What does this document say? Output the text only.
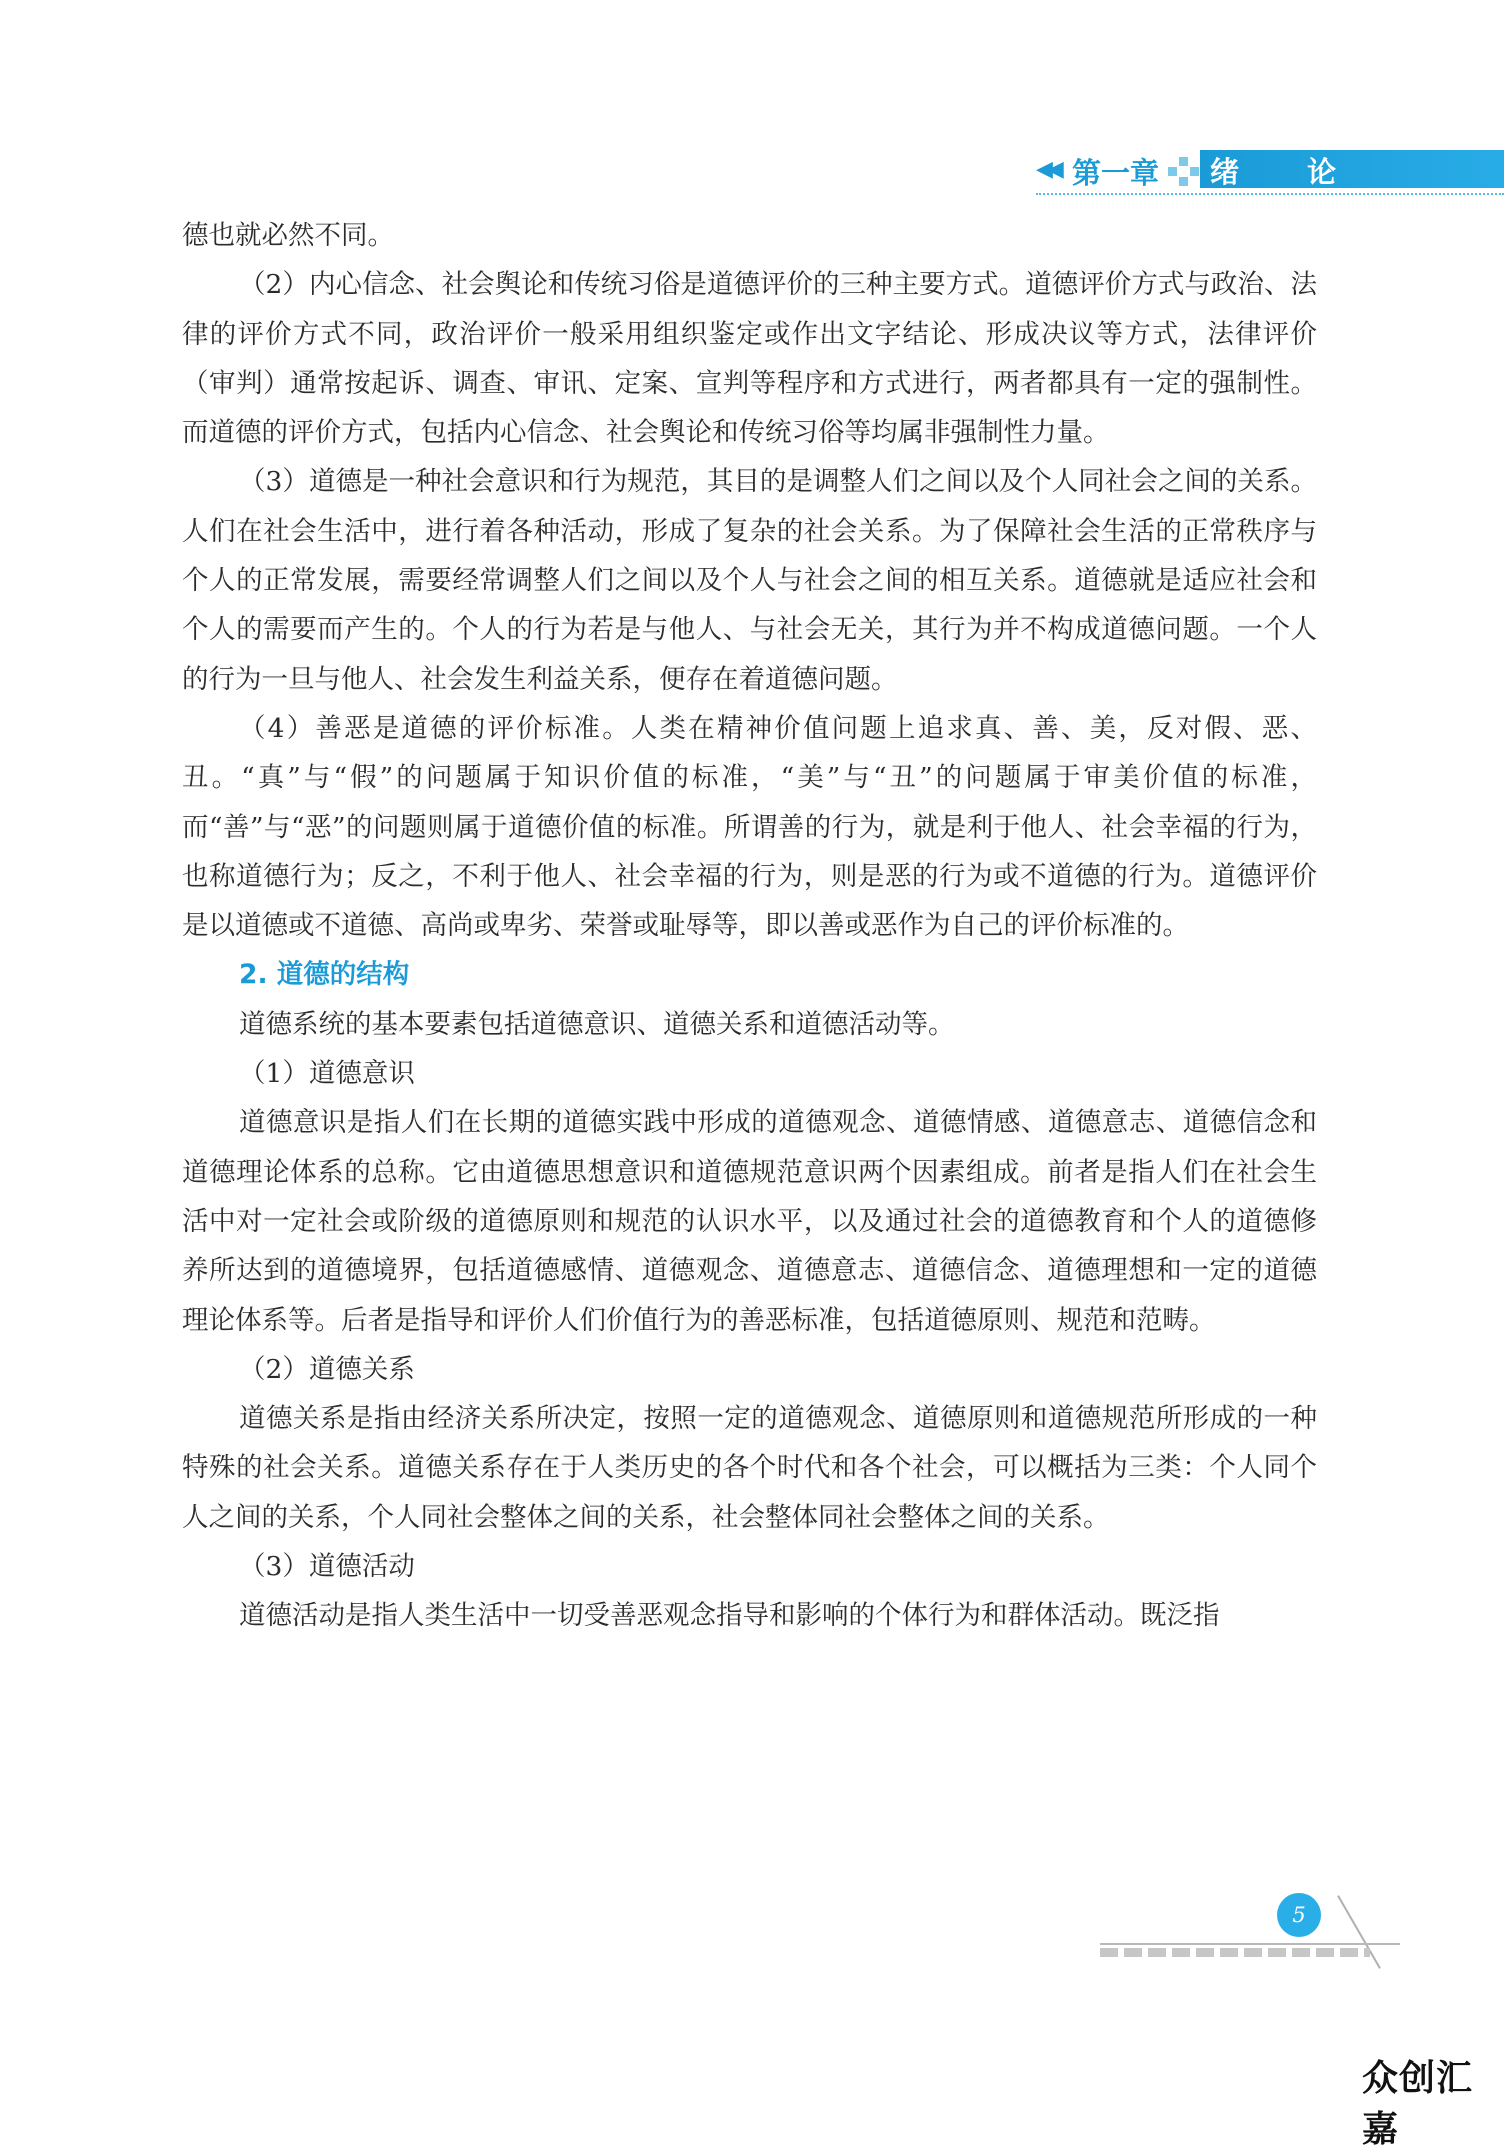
◀◀ 第一章 绪论

德也就必然不同。

（2）内心信念、社会舆论和传统习俗是道德评价的三种主要方式。道德评价方式与政治、法律的评价方式不同，政治评价一般采用组织鉴定或作出文字结论、形成决议等方式，法律评价（审判）通常按起诉、调查、审讯、定案、宣判等程序和方式进行，两者都具有一定的强制性。而道德的评价方式，包括内心信念、社会舆论和传统习俗等均属非强制性力量。

（3）道德是一种社会意识和行为规范，其目的是调整人们之间以及个人同社会之间的关系。人们在社会生活中，进行着各种活动，形成了复杂的社会关系。为了保障社会生活的正常秩序与个人的正常发展，需要经常调整人们之间以及个人与社会之间的相互关系。道德就是适应社会和个人的需要而产生的。个人的行为若是与他人、与社会无关，其行为并不构成道德问题。一个人的行为一旦与他人、社会发生利益关系，便存在着道德问题。

（4）善恶是道德的评价标准。人类在精神价值问题上追求真、善、美，反对假、恶、丑。“真”与“假”的问题属于知识价值的标准，“美”与“丑”的问题属于审美价值的标准，而“善”与“恶”的问题则属于道德价值的标准。所谓善的行为，就是利于他人、社会幸福的行为，也称道德行为；反之，不利于他人、社会幸福的行为，则是恶的行为或不道德的行为。道德评价是以道德或不道德、高尚或卑劣、荣誉或耻辱等，即以善或恶作为自己的评价标准的。

2. 道德的结构

道德系统的基本要素包括道德意识、道德关系和道德活动等。

（1）道德意识

道德意识是指人们在长期的道德实践中形成的道德观念、道德情感、道德意志、道德信念和道德理论体系的总称。它由道德思想意识和道德规范意识两个因素组成。前者是指人们在社会生活中对一定社会或阶级的道德原则和规范的认识水平，以及通过社会的道德教育和个人的道德修养所达到的道德境界，包括道德感情、道德观念、道德意志、道德信念、道德理想和一定的道德理论体系等。后者是指导和评价人们价值行为的善恶标准，包括道德原则、规范和范畴。

（2）道德关系

道德关系是指由经济关系所决定，按照一定的道德观念、道德原则和道德规范所形成的一种特殊的社会关系。道德关系存在于人类历史的各个时代和各个社会，可以概括为三类：个人同个人之间的关系，个人同社会整体之间的关系，社会整体同社会整体之间的关系。

（3）道德活动

道德活动是指人类生活中一切受善恶观念指导和影响的个体行为和群体活动。既泛指

5
众创汇嘉
